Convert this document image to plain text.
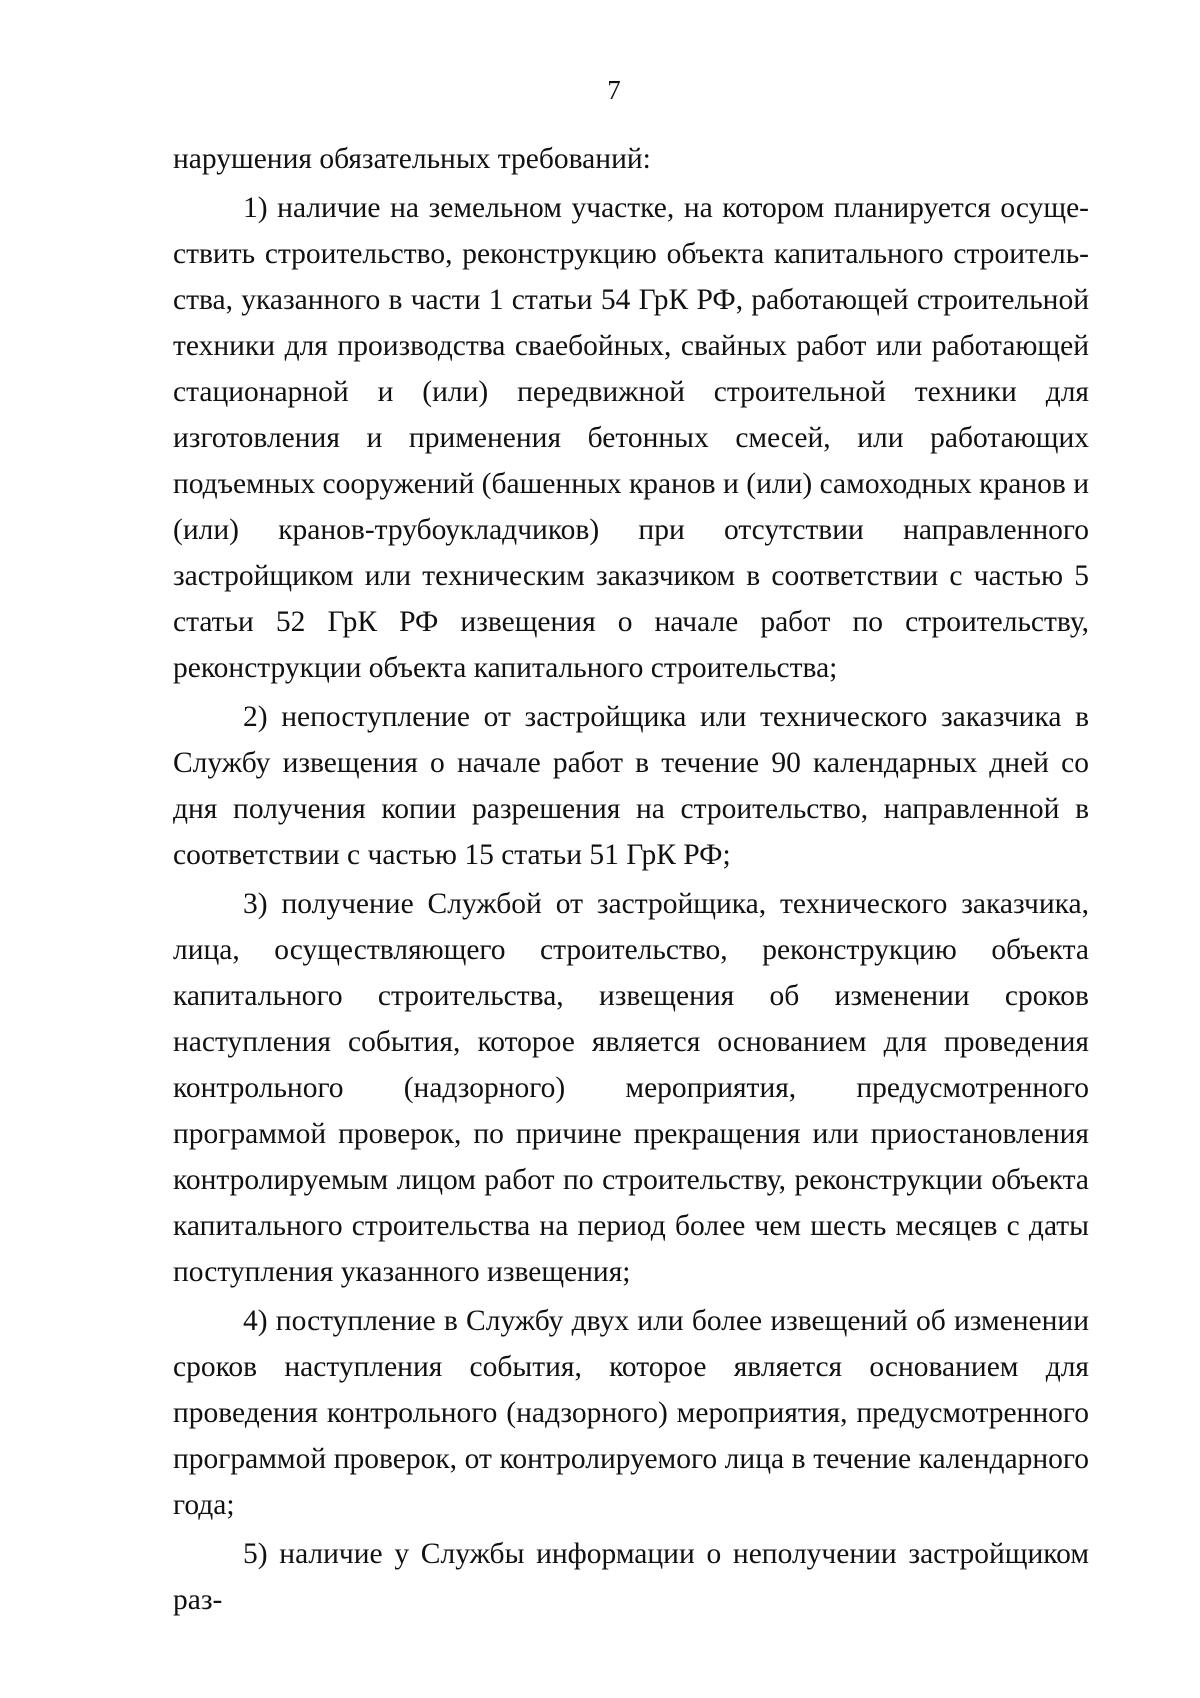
7

нарушения обязательных требований:

1) наличие на земельном участке, на котором планируется осуществить строительство, реконструкцию объекта капитального строительства, указанного в части 1 статьи 54 ГрК РФ, работающей строительной техники для производства свaебойных, свайных работ или работающей стационарной и (или) передвижной строительной техники для изготовления и применения бетонных смесей, или работающих подъемных сооружений (башенных кранов и (или) самоходных кранов и (или) кранов-трубоукладчиков) при отсутствии направленного застройщиком или техническим заказчиком в соответствии с частью 5 статьи 52 ГрК РФ извещения о начале работ по строительству, реконструкции объекта капитального строительства;

2) непоступление от застройщика или технического заказчика в Службу извещения о начале работ в течение 90 календарных дней со дня получения копии разрешения на строительство, направленной в соответствии с частью 15 статьи 51 ГрК РФ;

3) получение Службой от застройщика, технического заказчика, лица, осуществляющего строительство, реконструкцию объекта капитального строительства, извещения об изменении сроков наступления события, которое является основанием для проведения контрольного (надзорного) мероприятия, предусмотренного программой проверок, по причине прекращения или приостановления контролируемым лицом работ по строительству, реконструкции объекта капитального строительства на период более чем шесть месяцев с даты поступления указанного извещения;

4) поступление в Службу двух или более извещений об изменении сроков наступления события, которое является основанием для проведения контрольного (надзорного) мероприятия, предусмотренного программой проверок, от контролируемого лица в течение календарного года;

5) наличие у Службы информации о неполучении застройщиком раз-
